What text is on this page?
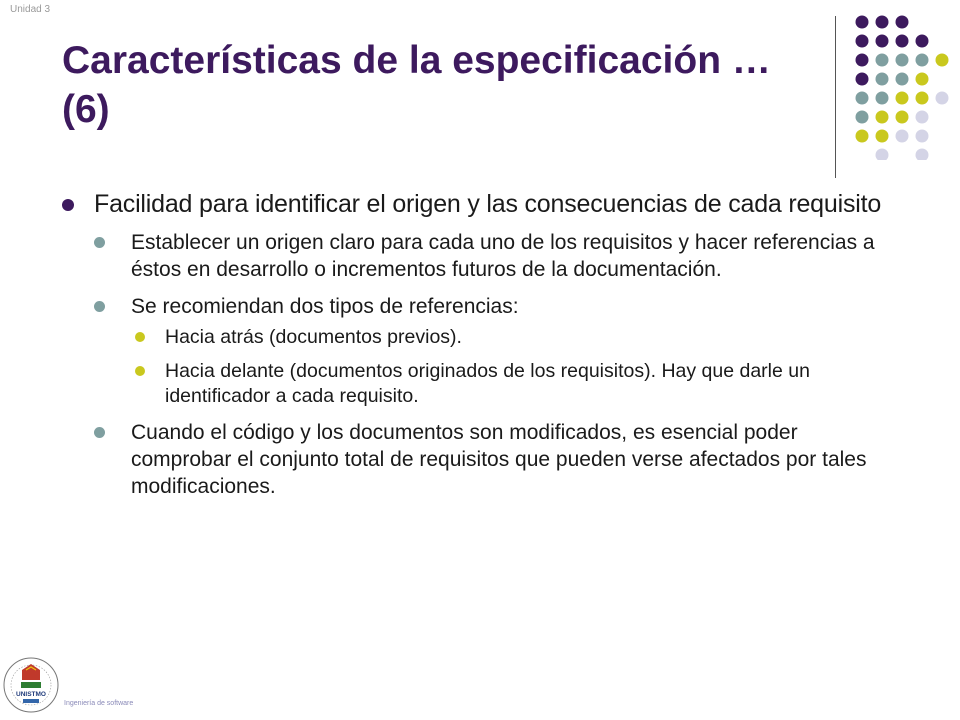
Unidad 3
Características de la especificación … (6)
Facilidad para identificar el origen y las consecuencias de cada requisito
Establecer un origen claro para cada uno de los requisitos y hacer referencias a éstos en desarrollo o incrementos futuros de la documentación.
Se recomiendan dos tipos de referencias:
Hacia atrás (documentos previos).
Hacia delante (documentos originados de los requisitos). Hay que darle un identificador a cada requisito.
Cuando el código y los documentos son modificados, es esencial poder comprobar el conjunto total de requisitos que pueden verse afectados por tales modificaciones.
UNISTMO
Ingeniería de software
